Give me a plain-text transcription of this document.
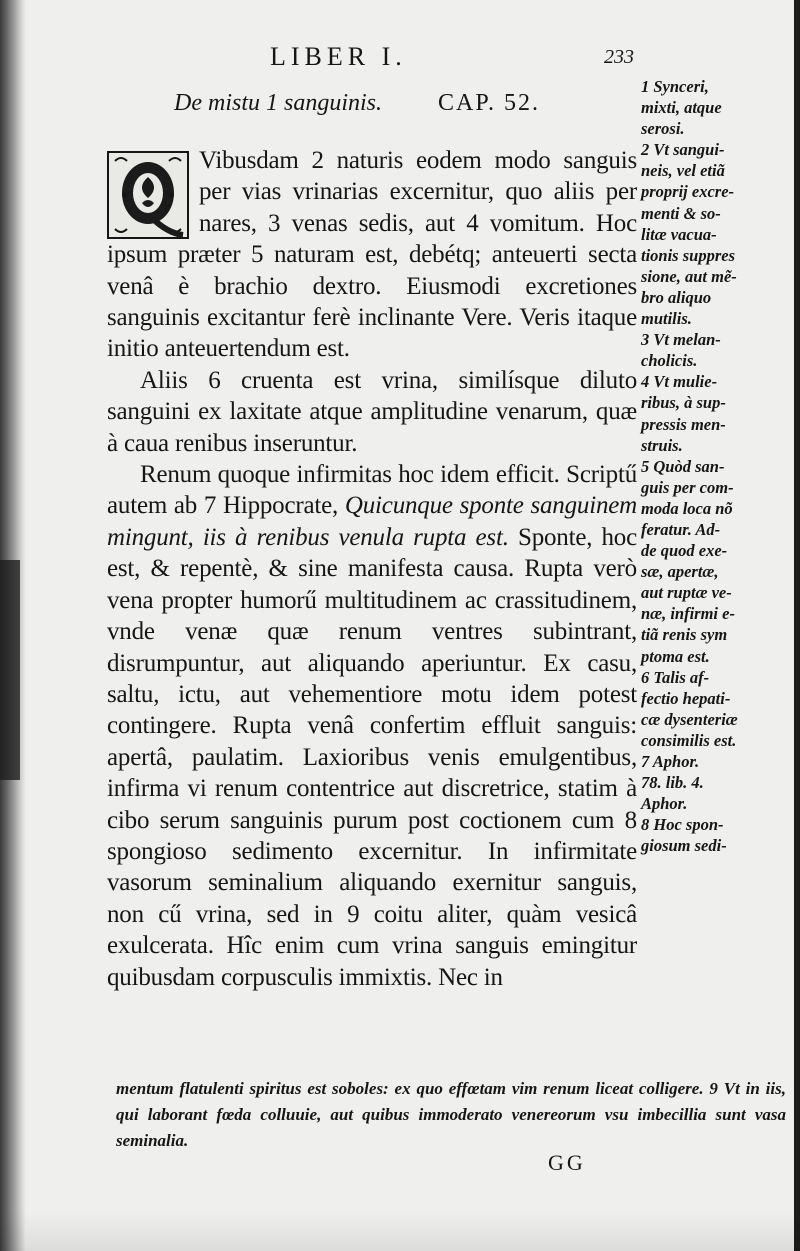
LIBER I.	233
De mistu 1 sanguinis. CAP. 52.

Vibusdam 2 naturis eodem modo sanguis per vias vrinarias excernitur, quo aliis per nares, 3 venas sedis, aut 4 vomitum. Hoc ipsum præter 5 naturam est, debétq; anteuerti secta venâ è brachio dextro. Eiusmodi excretiones sanguinis excitantur ferè inclinante Vere. Veris itaque initio anteuertendum est.

Aliis 6 cruenta est vrina, similísque diluto sanguini ex laxitate atque amplitudine venarum, quæ à caua renibus inseruntur.

Renum quoque infirmitas hoc idem efficit. Scriptű autem ab 7 Hippocrate, Quicunque sponte sanguinem mingunt, iis à renibus venula rupta est. Sponte, hoc est, & repentè, & sine manifesta causa. Rupta verò vena propter humorű multitudinem ac crassitudinem, vnde venæ quæ renum ventres subintrant, disrumpuntur, aut aliquando aperiuntur. Ex casu, saltu, ictu, aut vehementiore motu idem potest contingere. Rupta venâ confertim effluit sanguis: apertâ, paulatim. Laxioribus venis emulgentibus, infirma vi renum contentrice aut discretrice, statim à cibo serum sanguinis purum post coctionem cum 8 spongioso sedimento excernitur. In infirmitate vasorum seminalium aliquando exernitur sanguis, non cű vrina, sed in 9 coitu aliter, quàm vesicâ exulcerata. Hîc enim cum vrina sanguis emingitur quibusdam corpusculis immixtis. Nec in

1 Synceri,
mixti, atque
serosi.
2 Vt sangui-
neis, vel etiã
proprij excre-
menti & so-
litæ vacua-
tionis suppres
sione, aut mẽ-
bro aliquo
mutilis.
3 Vt melan-
cholicis.
4 Vt mulie-
ribus, à sup-
pressis men-
struis.
5 Quòd san-
guis per com-
moda loca nõ
feratur. Ad-
de quod exe-
sæ, apertæ,
aut ruptæ ve-
næ, infirmi e-
tiã renis sym
ptoma est.
6 Talis af-
fectio hepati-
cæ dysenteriæ
consimilis est.
7 Aphor.
78. lib. 4.
Aphor.
8 Hoc spon-
giosum sedi-
mentum flatulenti spiritus est soboles: ex quo effœtam vim renum liceat colligere. 9 Vt in iis, qui laborant fœda colluuie, aut quibus immoderato venereorum vsu imbecillia sunt vasa seminalia.
GG
